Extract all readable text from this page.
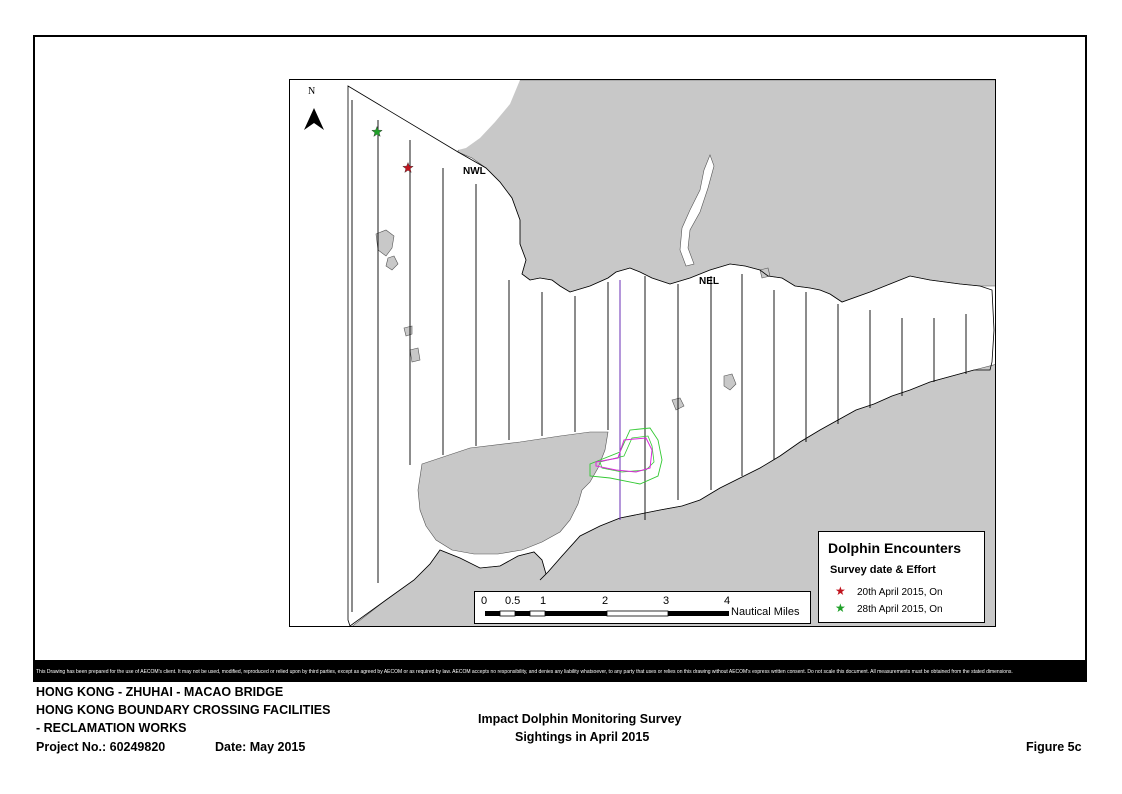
N
NWL
NEL
0 0.5 1	2	3	4
Nautical Miles
Dolphin Encounters
Survey date & Effort
★ 20th April 2015, On
★ 28th April 2015, On
This Drawing has been prepared for the use of AECOM's client. It may not be used, modified, reproduced or relied upon by third parties, except as agreed by AECOM or as required by law. AECOM accepts no responsibility, and denies any liability whatsoever, to any party that uses or relies on this drawing without AECOM's express written consent. Do not scale this document. All measurements must be obtained from the stated dimensions.
HONG KONG - ZHUHAI - MACAO BRIDGE
HONG KONG BOUNDARY CROSSING FACILITIES
- RECLAMATION WORKS
Project No.: 60249820	Date: May 2015
Impact Dolphin Monitoring Survey
Sightings in April 2015
Figure 5c
